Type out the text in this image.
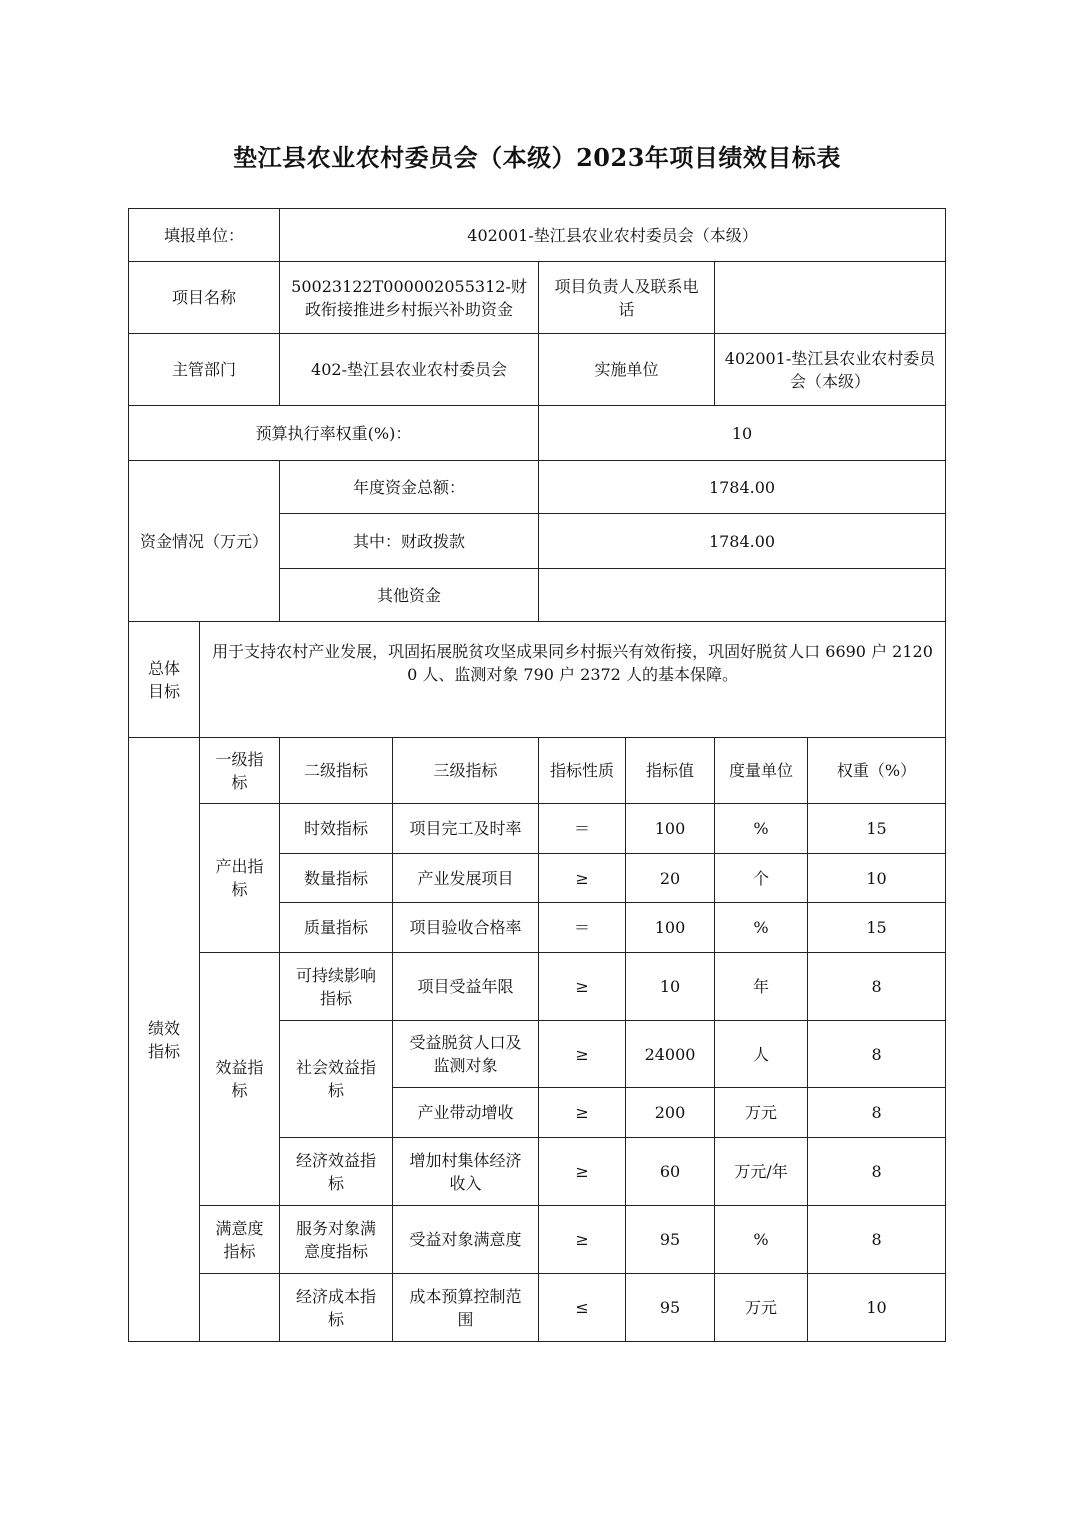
垫江县农业农村委员会（本级）2023年项目绩效目标表
填报单位：		402001-垫江县农业农村委员会（本级）					
项目名称		50023122T000002055312-财政衔接推进乡村振兴补助资金		项目负责人及联系电话			
主管部门		402-垫江县农业农村委员会		实施单位		402001-垫江县农业农村委员会（本级）	
预算执行率权重(%)：				10			
资金情况（万元）		年度资金总额：		1784.00			
		其中：财政拨款		1784.00			
		其他资金					
总体目标	用于支持农村产业发展，巩固拓展脱贫攻坚成果同乡村振兴有效衔接，巩固好脱贫人口 6690 户 21200 人、监测对象 790 户 2372 人的基本保障。						
绩效指标	一级指标	二级指标	三级指标	指标性质	指标值	度量单位	权重（%）
	产出指标	时效指标	项目完工及时率	＝	100	%	15
		数量指标	产业发展项目	≥	20	个	10
		质量指标	项目验收合格率	＝	100	%	15
	效益指标	可持续影响指标	项目受益年限	≥	10	年	8
		社会效益指标	受益脱贫人口及监测对象	≥	24000	人	8
			产业带动增收	≥	200	万元	8
		经济效益指标	增加村集体经济收入	≥	60	万元/年	8
	满意度指标	服务对象满意度指标	受益对象满意度	≥	95	%	8
		经济成本指标	成本预算控制范围	≤	95	万元	10
